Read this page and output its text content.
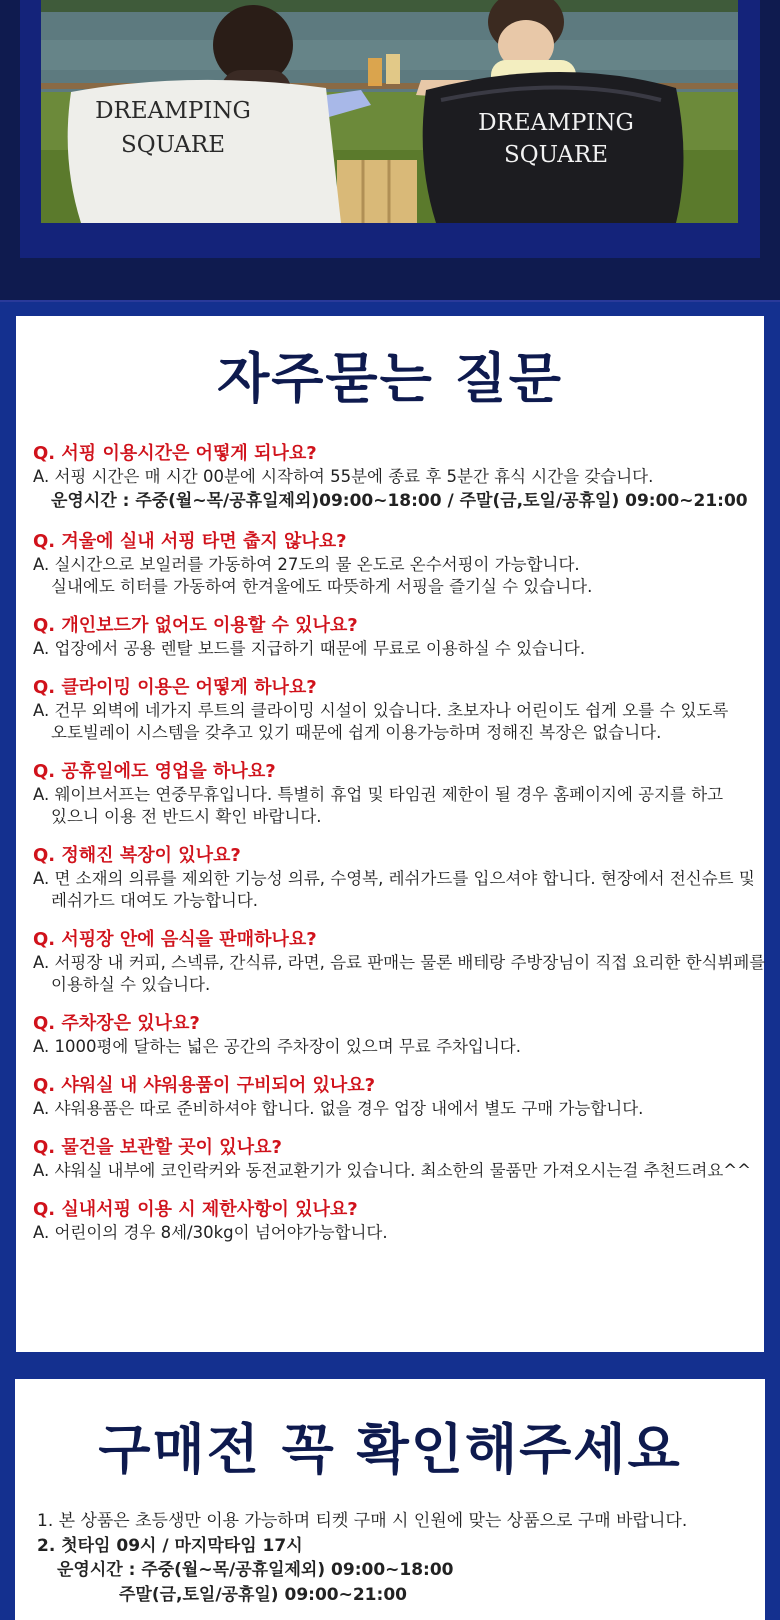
DREAMPING
SQUARE
DREAMPING
SQUARE
자주묻는 질문
Q. 서핑 이용시간은 어떻게 되나요?
A. 서핑 시간은 매 시간 00분에 시작하여 55분에 종료 후 5분간 휴식 시간을 갖습니다.
운영시간 : 주중(월~목/공휴일제외)09:00~18:00 / 주말(금,토일/공휴일) 09:00~21:00
Q. 겨울에 실내 서핑 타면 춥지 않나요?
A. 실시간으로 보일러를 가동하여 27도의 물 온도로 온수서핑이 가능합니다.
실내에도 히터를 가동하여 한겨울에도 따뜻하게 서핑을 즐기실 수 있습니다.
Q. 개인보드가 없어도 이용할 수 있나요?
A. 업장에서 공용 렌탈 보드를 지급하기 때문에 무료로 이용하실 수 있습니다.
Q. 클라이밍 이용은 어떻게 하나요?
A. 건무 외벽에 네가지 루트의 클라이밍 시설이 있습니다. 초보자나 어린이도 쉽게 오를 수 있도록
오토빌레이 시스템을 갖추고 있기 때문에 쉽게 이용가능하며 정해진 복장은 없습니다.
Q. 공휴일에도 영업을 하나요?
A. 웨이브서프는 연중무휴입니다. 특별히 휴업 및 타임권 제한이 될 경우 홈페이지에 공지를 하고
있으니 이용 전 반드시 확인 바랍니다.
Q. 정해진 복장이 있나요?
A. 면 소재의 의류를 제외한 기능성 의류, 수영복, 레쉬가드를 입으셔야 합니다. 현장에서 전신슈트 및
레쉬가드 대여도 가능합니다.
Q. 서핑장 안에 음식을 판매하나요?
A. 서핑장 내 커피, 스넥류, 간식류, 라면, 음료 판매는 물론 배테랑 주방장님이 직접 요리한 한식뷔페를
이용하실 수 있습니다.
Q. 주차장은 있나요?
A. 1000평에 달하는 넓은 공간의 주차장이 있으며 무료 주차입니다.
Q. 샤워실 내 샤워용품이 구비되어 있나요?
A. 샤워용품은 따로 준비하셔야 합니다. 없을 경우 업장 내에서 별도 구매 가능합니다.
Q. 물건을 보관할 곳이 있나요?
A. 샤워실 내부에 코인락커와 동전교환기가 있습니다. 최소한의 물품만 가져오시는걸 추천드려요^^
Q. 실내서핑 이용 시 제한사항이 있나요?
A. 어린이의 경우 8세/30kg이 넘어야가능합니다.
구매전 꼭 확인해주세요
1. 본 상품은 초등생만 이용 가능하며 티켓 구매 시 인원에 맞는 상품으로 구매 바랍니다.
2. 첫타임 09시 / 마지막타임 17시
운영시간 : 주중(월~목/공휴일제외) 09:00~18:00
주말(금,토일/공휴일) 09:00~21:00
